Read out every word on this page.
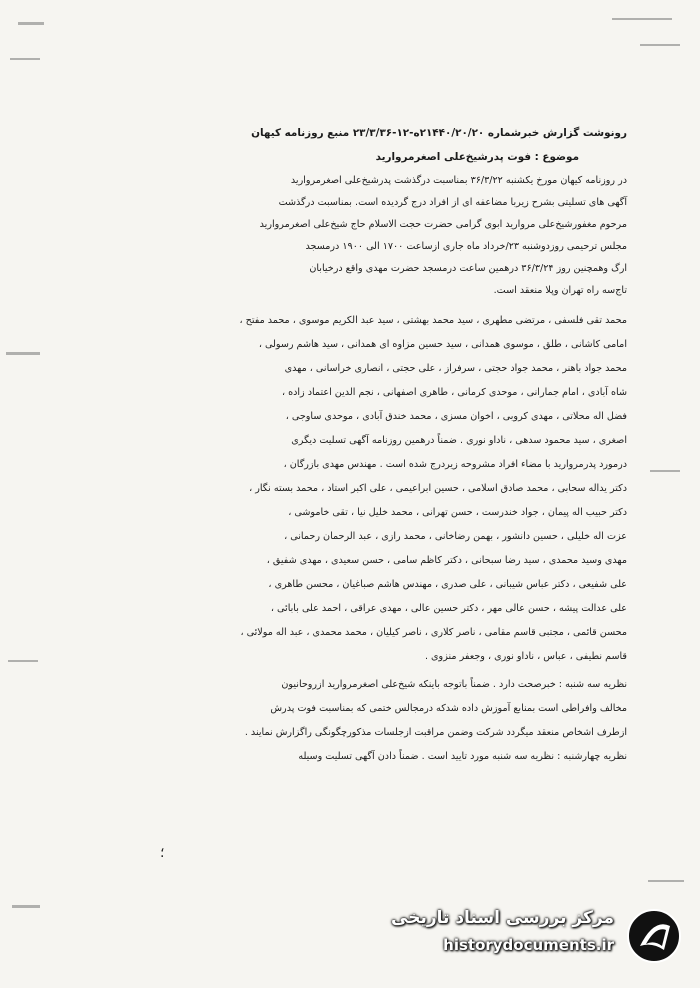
رونوشت گزارش خبرشماره ۲۱۴۴۰/۲۰/۲۰ه-۱۲-۲۳/۳/۳۶ منبع روزنامه کیهان
موضوع : فوت پدرشیخ‌علی اصغرمروارید
در روزنامه کیهان مورخ یکشنبه ۳۶/۳/۲۲ بمناسبت درگذشت پدرشیخ‌علی اصغرمروارید
آگهی های تسلیتی بشرح زیربا مضاعفه ای از افراد درج گردیده است. بمناسبت درگذشت
مرحوم مغفورشیخ‌علی مروارید ابوی گرامی حضرت حجت الاسلام حاج شیخ‌علی اصغرمروارید
مجلس ترحیمی روزدوشنبه ۲۳/خرداد ماه جاری ازساعت ۱۷۰۰ الی ۱۹۰۰ درمسجد
ارگ وهمچنین روز ۳۶/۳/۲۴ درهمین ساعت درمسجد حضرت مهدی واقع درخیابان
تاج‌سه راه تهران وپلا منعقد است.
محمد تقی فلسفی ، مرتضی مطهری ، سید محمد بهشتی ، سید عبد الکریم موسوی ، محمد مفتح ،
امامی کاشانی ، طلق ، موسوی همدانی ، سید حسین مزاوه ای همدانی ، سید هاشم رسولی ،
محمد جواد باهنر ، محمد جواد حجتی ، سرفراز ، علی حجتی ، انصاری خراسانی ، مهدی
شاه آبادی ، امام جمارانی ، موحدی کرمانی ، طاهری اصفهانی ، نجم الدین اعتماد زاده ،
فضل اله محلاتی ، مهدی کروبی ، اخوان مسزی ، محمد خندق آبادی ، موحدی ساوجی ،
اصغری ، سید محمود سدهی ، ناداو نوری . ضمناً درهمین روزنامه آگهی تسلیت دیگری
درمورد پدرمروارید با مضاء افراد مشروحه زیردرج شده است . مهندس مهدی بازرگان ،
دکتر یداله سحابی ، محمد صادق اسلامی ، حسین ابراعیمی ، علی اکبر استاد ، محمد بسته نگار ،
دکتر حبیب اله پیمان ، جواد خندرست ، حسن تهرانی ، محمد خلیل نیا ، تقی خاموشی ،
عزت اله خلیلی ، حسین دانشور ، بهمن رضاخانی ، محمد رازی ، عبد الرحمان رحمانی ،
مهدی وسید محمدی ، سید رضا سبحانی ، دکتر کاظم سامی ، حسن سعیدی ، مهدی شفیق ،
علی شفیعی ، دکتر عباس شیبانی ، علی صدری ، مهندس هاشم صباغیان ، محسن طاهری ،
علی عدالت پیشه ، حسن عالی مهر ، دکتر حسین عالی ، مهدی عراقی ، احمد علی بابائی ،
محسن قائمی ، مجتبی قاسم مقامی ، ناصر کلاری ، ناصر کیلیان ، محمد محمدی ، عبد اله مولائی ،
قاسم نطیفی ، عباس ، ناداو نوری ، وجعفر منزوی .
نظریه سه شنبه : خبرصحت دارد . ضمناً باتوجه باینکه شیخ‌علی اصغرمروارید ازروحانیون
مخالف وافراطی است بمنابع آموزش داده شدکه درمجالس ختمی که بمناسبت فوت پدرش
ازطرف اشخاص منعقد میگردد شرکت وضمن مراقبت ازجلسات مذکورچگونگی راگزارش نمایند .
نظریه چهارشنبه : نظریه سه شنبه مورد تایید است . ضمناً دادن آگهی تسلیت وسیله
؛
مرکز بررسی اسناد تاریخی
historydocuments.ir
